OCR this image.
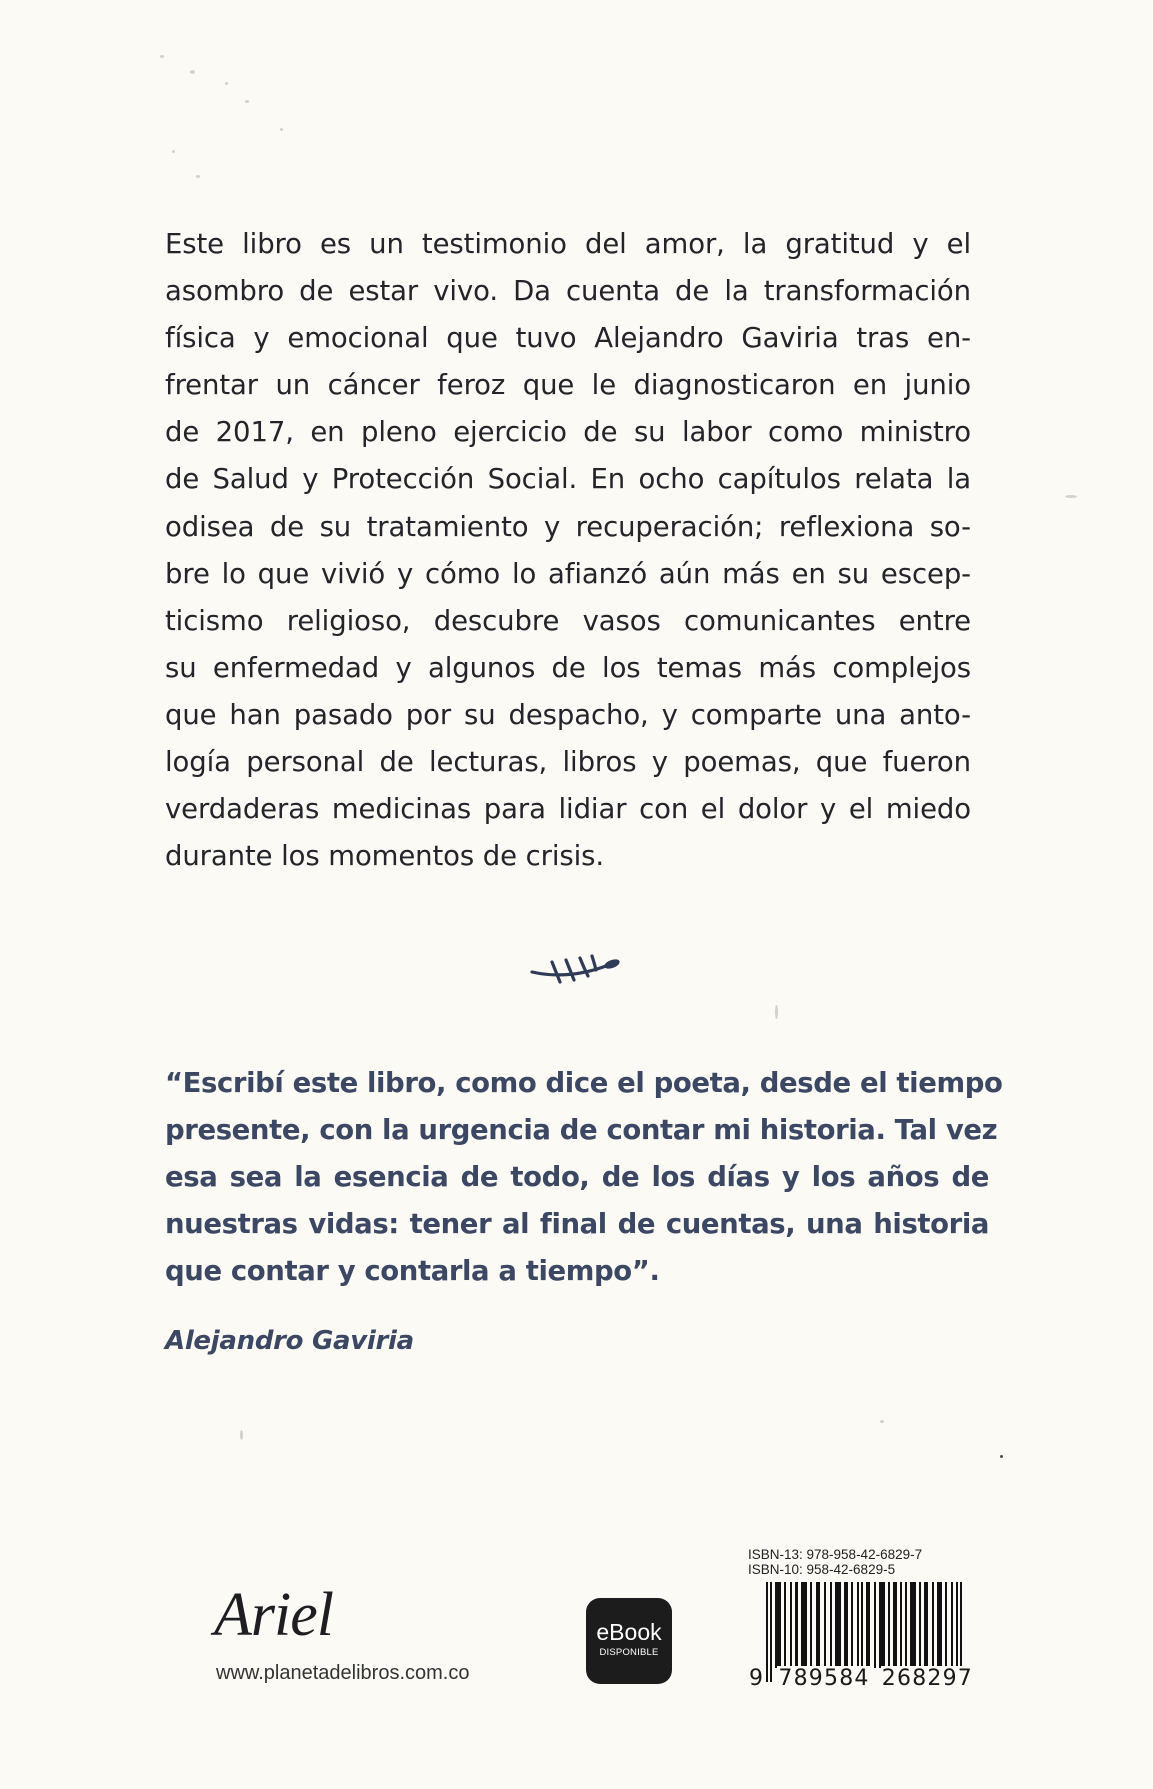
Este libro es un testimonio del amor, la gratitud y el
asombro de estar vivo. Da cuenta de la transformación
física y emocional que tuvo Alejandro Gaviria tras en-
frentar un cáncer feroz que le diagnosticaron en junio
de 2017, en pleno ejercicio de su labor como ministro
de Salud y Protección Social. En ocho capítulos relata la
odisea de su tratamiento y recuperación; reflexiona so-
bre lo que vivió y cómo lo afianzó aún más en su escep-
ticismo religioso, descubre vasos comunicantes entre
su enfermedad y algunos de los temas más complejos
que han pasado por su despacho, y comparte una anto-
logía personal de lecturas, libros y poemas, que fueron
verdaderas medicinas para lidiar con el dolor y el miedo
durante los momentos de crisis.
“Escribí este libro, como dice el poeta, desde el tiempo
presente, con la urgencia de contar mi historia. Tal vez
esa sea la esencia de todo, de los días y los años de
nuestras vidas: tener al final de cuentas, una historia
que contar y contarla a tiempo”.
Alejandro Gaviria
Ariel
www.planetadelibros.com.co
eBook
DISPONIBLE
ISBN-13: 978-958-42-6829-7
ISBN-10: 958-42-6829-5
9 789584 268297
